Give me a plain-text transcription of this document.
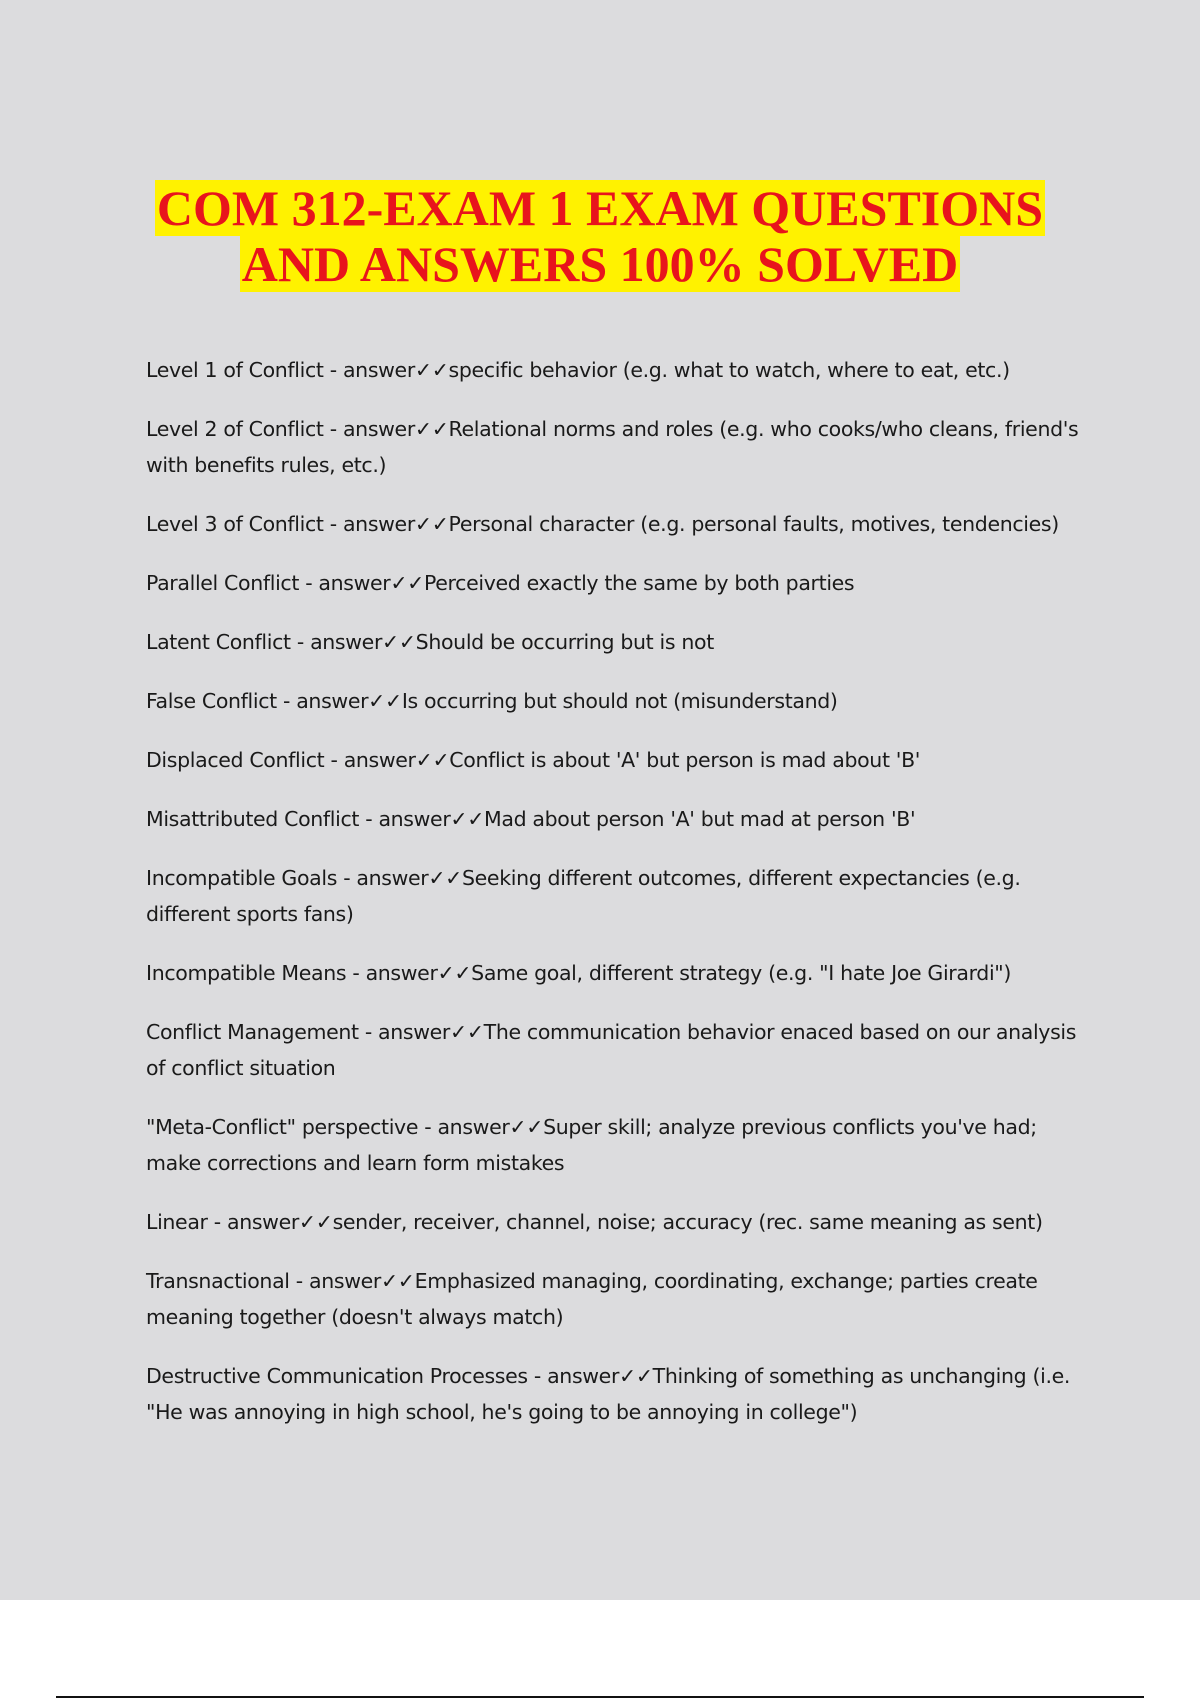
COM 312-EXAM 1 EXAM QUESTIONS
AND ANSWERS 100% SOLVED

Level 1 of Conflict - answer✓✓specific behavior (e.g. what to watch, where to eat, etc.)

Level 2 of Conflict - answer✓✓Relational norms and roles (e.g. who cooks/who cleans, friend's with benefits rules, etc.)

Level 3 of Conflict - answer✓✓Personal character (e.g. personal faults, motives, tendencies)

Parallel Conflict - answer✓✓Perceived exactly the same by both parties

Latent Conflict - answer✓✓Should be occurring but is not

False Conflict - answer✓✓Is occurring but should not (misunderstand)

Displaced Conflict - answer✓✓Conflict is about 'A' but person is mad about 'B'

Misattributed Conflict - answer✓✓Mad about person 'A' but mad at person 'B'

Incompatible Goals - answer✓✓Seeking different outcomes, different expectancies (e.g. different sports fans)

Incompatible Means - answer✓✓Same goal, different strategy (e.g. "I hate Joe Girardi")

Conflict Management - answer✓✓The communication behavior enaced based on our analysis of conflict situation

"Meta-Conflict" perspective - answer✓✓Super skill; analyze previous conflicts you've had; make corrections and learn form mistakes

Linear - answer✓✓sender, receiver, channel, noise; accuracy (rec. same meaning as sent)

Transnactional - answer✓✓Emphasized managing, coordinating, exchange; parties create meaning together (doesn't always match)

Destructive Communication Processes - answer✓✓Thinking of something as unchanging (i.e. "He was annoying in high school, he's going to be annoying in college")
